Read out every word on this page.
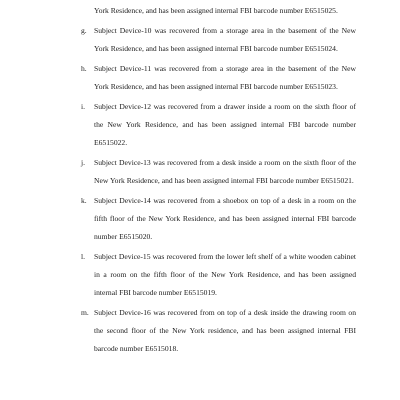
York Residence, and has been assigned internal FBI barcode number E6515025.
g. Subject Device-10 was recovered from a storage area in the basement of the New York Residence, and has been assigned internal FBI barcode number E6515024.
h. Subject Device-11 was recovered from a storage area in the basement of the New York Residence, and has been assigned internal FBI barcode number E6515023.
i. Subject Device-12 was recovered from a drawer inside a room on the sixth floor of the New York Residence, and has been assigned internal FBI barcode number E6515022.
j. Subject Device-13 was recovered from a desk inside a room on the sixth floor of the New York Residence, and has been assigned internal FBI barcode number E6515021.
k. Subject Device-14 was recovered from a shoebox on top of a desk in a room on the fifth floor of the New York Residence, and has been assigned internal FBI barcode number E6515020.
l. Subject Device-15 was recovered from the lower left shelf of a white wooden cabinet in a room on the fifth floor of the New York Residence, and has been assigned internal FBI barcode number E6515019.
m. Subject Device-16 was recovered from on top of a desk inside the drawing room on the second floor of the New York residence, and has been assigned internal FBI barcode number E6515018.
